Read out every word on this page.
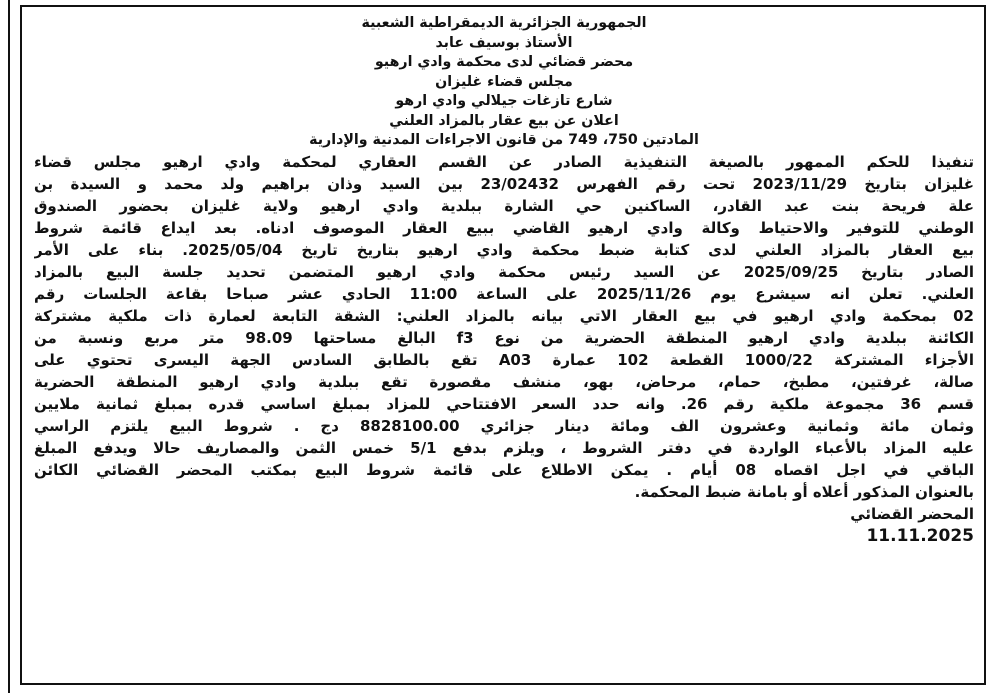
الجمهورية الجزائرية الديمقراطية الشعبية
الأستاذ بوسيف عابد
محضر قضائي لدى محكمة وادي ارهيو
مجلس قضاء غليزان
شارع تازغات جيلالي وادي ارهو
اعلان عن بيع عقار بالمزاد العلني
المادتين 750، 749 من قانون الاجراءات المدنية والإدارية
تنفيذا للحكم الممهور بالصيغة التنفيذية الصادر عن القسم العقاري لمحكمة وادي ارهيو مجلس قضاء
غليزان بتاريخ 2023/11/29 تحت رقم الفهرس 23/02432 بين السيد وذان براهيم ولد محمد و السيدة بن
علة فريحة بنت عبد القادر، الساكنين حي الشارة ببلدية وادي ارهيو ولاية غليزان بحضور الصندوق
الوطني للتوفير والاحتياط وكالة وادي ارهيو القاضي ببيع العقار الموصوف ادناه. بعد ايداع قائمة شروط
بيع العقار بالمزاد العلني لدى كتابة ضبط محكمة وادي ارهيو بتاريخ تاريخ 2025/05/04. بناء على الأمر
الصادر بتاريخ 2025/09/25 عن السيد رئيس محكمة وادي ارهيو المتضمن تحديد جلسة البيع بالمزاد
العلني. تعلن انه سيشرع يوم 2025/11/26 على الساعة 11:00 الحادي عشر صباحا بقاعة الجلسات رقم
02 بمحكمة وادي ارهيو في بيع العقار الاتي بيانه بالمزاد العلني: الشقة التابعة لعمارة ذات ملكية مشتركة
الكائنة ببلدية وادي ارهيو المنطقة الحضرية من نوع f3 البالغ مساحتها 98.09 متر مربع ونسبة من
الأجزاء المشتركة 1000/22 القطعة 102 عمارة A03 تقع بالطابق السادس الجهة اليسرى تحتوي على
صالة، غرفتين، مطبخ، حمام، مرحاض، بهو، منشف مقصورة تقع ببلدية وادي ارهيو المنطقة الحضرية
قسم 36 مجموعة ملكية رقم 26. وانه حدد السعر الافتتاحي للمزاد بمبلغ اساسي قدره بمبلغ ثمانية ملايين
وثمان مائة وثمانية وعشرون الف ومائة دينار جزائري 8828100.00 دج . شروط البيع يلتزم الراسي
عليه المزاد بالأعباء الواردة في دفتر الشروط ، ويلزم بدفع 5/1 خمس الثمن والمصاريف حالا ويدفع المبلغ
الباقي في اجل اقصاه 08 أيام . يمكن الاطلاع على قائمة شروط البيع بمكتب المحضر القضائي الكائن
بالعنوان المذكور أعلاه أو بامانة ضبط المحكمة.
المحضر القضائي
11.11.2025
